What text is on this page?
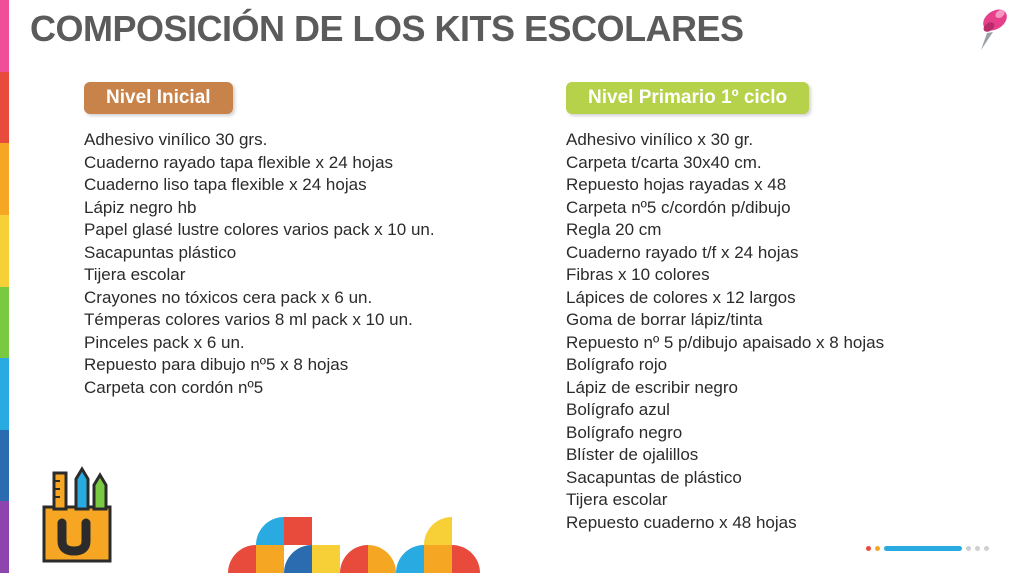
COMPOSICIÓN DE LOS KITS ESCOLARES
Nivel Inicial	Nivel Primario 1º ciclo
Adhesivo vinílico 30 grs.
Cuaderno rayado tapa flexible x 24 hojas
Cuaderno liso tapa flexible x 24 hojas
Lápiz negro hb
Papel glasé lustre colores varios pack x 10 un.
Sacapuntas plástico
Tijera escolar
Crayones no tóxicos cera pack x 6 un.
Témperas colores varios 8 ml pack x 10 un.
Pinceles pack x 6 un.
Repuesto para dibujo nº5 x 8 hojas
Carpeta con cordón nº5
Adhesivo vinílico x 30 gr.
Carpeta t/carta 30x40 cm.
Repuesto hojas rayadas x 48
Carpeta nº5 c/cordón p/dibujo
Regla 20 cm
Cuaderno rayado t/f x 24 hojas
Fibras x 10 colores
Lápices de colores x 12 largos
Goma de borrar lápiz/tinta
Repuesto nº 5 p/dibujo apaisado x 8 hojas
Bolígrafo rojo
Lápiz de escribir negro
Bolígrafo azul
Bolígrafo negro
Blíster de ojalillos
Sacapuntas de plástico
Tijera escolar
Repuesto cuaderno x 48 hojas
